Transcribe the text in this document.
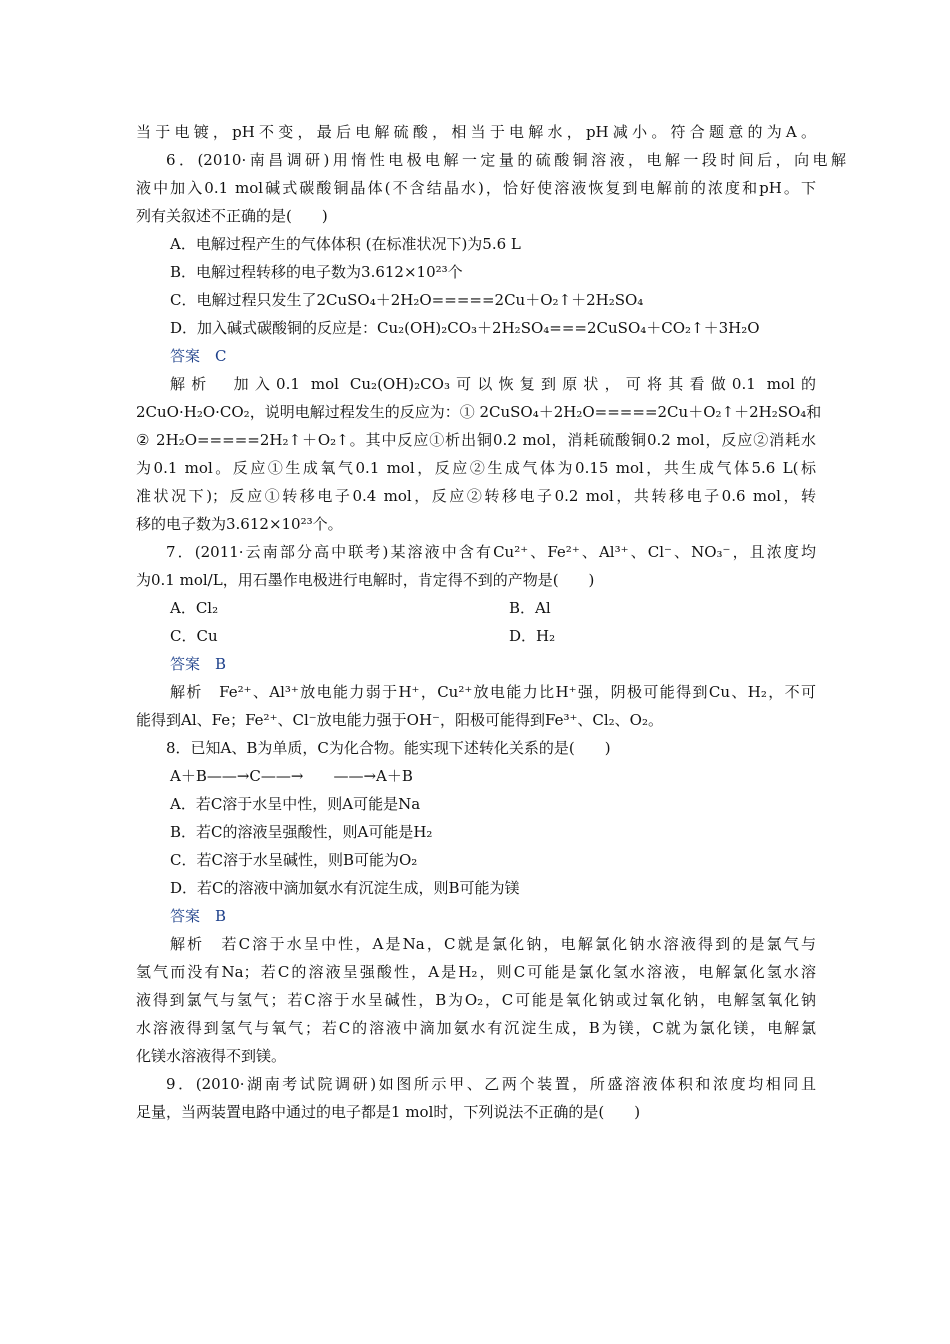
当于电镀，pH不变，最后电解硫酸，相当于电解水，pH减小。符合题意的为A。
6．(2010·南昌调研)用惰性电极电解一定量的硫酸铜溶液，电解一段时间后，向电解
液中加入0.1 mol碱式碳酸铜晶体(不含结晶水)，恰好使溶液恢复到电解前的浓度和pH。下
列有关叙述不正确的是(　　)
A．电解过程产生的气体体积 (在标准状况下)为5.6 L
B．电解过程转移的电子数为3.612×10²³个
C．电解过程只发生了2CuSO₄＋2H₂O=====2Cu＋O₂↑＋2H₂SO₄
D．加入碱式碳酸铜的反应是：Cu₂(OH)₂CO₃＋2H₂SO₄===2CuSO₄＋CO₂↑＋3H₂O
答案　C
解析　加入0.1 mol Cu₂(OH)₂CO₃可以恢复到原状，可将其看做0.1 mol的
2CuO·H₂O·CO₂，说明电解过程发生的反应为：① 2CuSO₄＋2H₂O=====2Cu＋O₂↑＋2H₂SO₄和
② 2H₂O=====2H₂↑＋O₂↑。其中反应①析出铜0.2 mol，消耗硫酸铜0.2 mol，反应②消耗水
为0.1 mol。反应①生成氧气0.1 mol，反应②生成气体为0.15 mol，共生成气体5.6 L(标
准状况下)；反应①转移电子0.4 mol，反应②转移电子0.2 mol，共转移电子0.6 mol，转
移的电子数为3.612×10²³个。
7．(2011·云南部分高中联考)某溶液中含有Cu²⁺、Fe²⁺、Al³⁺、Cl⁻、NO₃⁻，且浓度均
为0.1 mol/L，用石墨作电极进行电解时，肯定得不到的产物是(　　)
A．Cl₂	B．Al
C．Cu	D．H₂
答案　B
解析　Fe²⁺、Al³⁺放电能力弱于H⁺，Cu²⁺放电能力比H⁺强，阴极可能得到Cu、H₂，不可
能得到Al、Fe；Fe²⁺、Cl⁻放电能力强于OH⁻，阳极可能得到Fe³⁺、Cl₂、O₂。
8．已知A、B为单质，C为化合物。能实现下述转化关系的是(　　)
A＋B——→C——→　　——→A＋B
A．若C溶于水呈中性，则A可能是Na
B．若C的溶液呈强酸性，则A可能是H₂
C．若C溶于水呈碱性，则B可能为O₂
D．若C的溶液中滴加氨水有沉淀生成，则B可能为镁
答案　B
解析　若C溶于水呈中性，A是Na，C就是氯化钠，电解氯化钠水溶液得到的是氯气与
氢气而没有Na；若C的溶液呈强酸性，A是H₂，则C可能是氯化氢水溶液，电解氯化氢水溶
液得到氯气与氢气；若C溶于水呈碱性，B为O₂，C可能是氧化钠或过氧化钠，电解氢氧化钠
水溶液得到氢气与氧气；若C的溶液中滴加氨水有沉淀生成，B为镁，C就为氯化镁，电解氯
化镁水溶液得不到镁。
9．(2010·湖南考试院调研)如图所示甲、乙两个装置，所盛溶液体积和浓度均相同且
足量，当两装置电路中通过的电子都是1 mol时，下列说法不正确的是(　　)
